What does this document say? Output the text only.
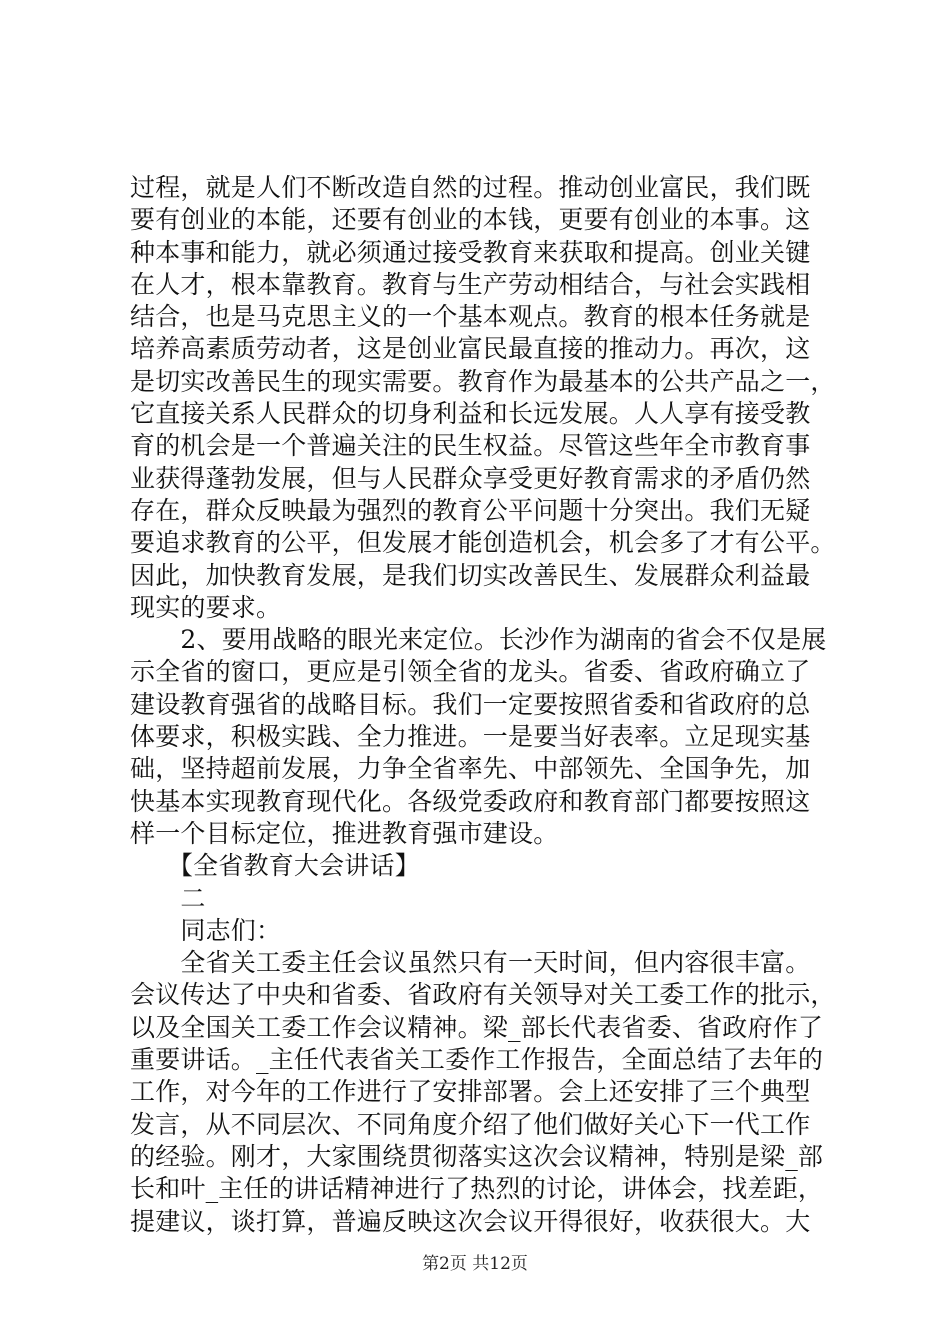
过程，就是人们不断改造自然的过程。推动创业富民，我们既
要有创业的本能，还要有创业的本钱，更要有创业的本事。这
种本事和能力，就必须通过接受教育来获取和提高。创业关键
在人才，根本靠教育。教育与生产劳动相结合，与社会实践相
结合，也是马克思主义的一个基本观点。教育的根本任务就是
培养高素质劳动者，这是创业富民最直接的推动力。再次，这
是切实改善民生的现实需要。教育作为最基本的公共产品之一，
它直接关系人民群众的切身利益和长远发展。人人享有接受教
育的机会是一个普遍关注的民生权益。尽管这些年全市教育事
业获得蓬勃发展，但与人民群众享受更好教育需求的矛盾仍然
存在，群众反映最为强烈的教育公平问题十分突出。我们无疑
要追求教育的公平，但发展才能创造机会，机会多了才有公平。
因此，加快教育发展，是我们切实改善民生、发展群众利益最
现实的要求。
　　2、要用战略的眼光来定位。长沙作为湖南的省会不仅是展
示全省的窗口，更应是引领全省的龙头。省委、省政府确立了
建设教育强省的战略目标。我们一定要按照省委和省政府的总
体要求，积极实践、全力推进。一是要当好表率。立足现实基
础，坚持超前发展，力争全省率先、中部领先、全国争先，加
快基本实现教育现代化。各级党委政府和教育部门都要按照这
样一个目标定位，推进教育强市建设。
　　【全省教育大会讲话】
　　二
　　同志们：
　　全省关工委主任会议虽然只有一天时间，但内容很丰富。
会议传达了中央和省委、省政府有关领导对关工委工作的批示，
以及全国关工委工作会议精神。梁_部长代表省委、省政府作了
重要讲话。_主任代表省关工委作工作报告，全面总结了去年的
工作，对今年的工作进行了安排部署。会上还安排了三个典型
发言，从不同层次、不同角度介绍了他们做好关心下一代工作
的经验。刚才，大家围绕贯彻落实这次会议精神，特别是梁_部
长和叶_主任的讲话精神进行了热烈的讨论，讲体会，找差距，
提建议，谈打算，普遍反映这次会议开得很好，收获很大。大
第2页 共12页
